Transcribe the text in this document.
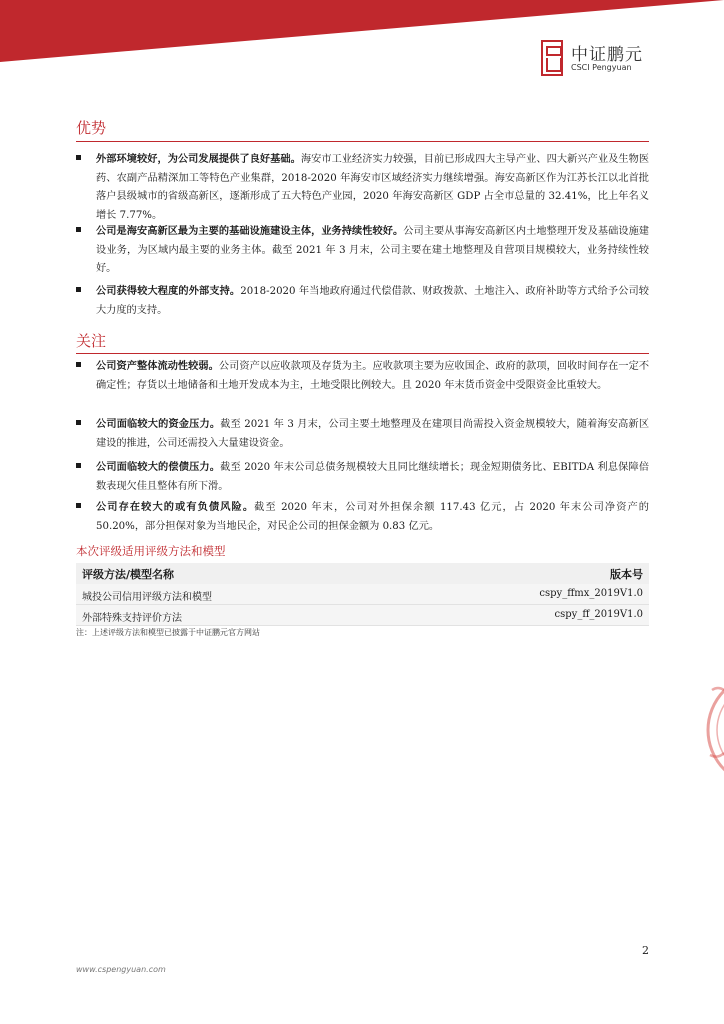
中证鹏元
CSCI Pengyuan
优势
外部环境较好，为公司发展提供了良好基础。海安市工业经济实力较强，目前已形成四大主导产业、四大新兴产业及生物医药、农副产品精深加工等特色产业集群，2018-2020 年海安市区域经济实力继续增强。海安高新区作为江苏长江以北首批落户县级城市的省级高新区，逐渐形成了五大特色产业园，2020 年海安高新区 GDP 占全市总量的 32.41%，比上年名义增长 7.77%。
公司是海安高新区最为主要的基础设施建设主体，业务持续性较好。公司主要从事海安高新区内土地整理开发及基础设施建设业务，为区域内最主要的业务主体。截至 2021 年 3 月末，公司主要在建土地整理及自营项目规模较大，业务持续性较好。
公司获得较大程度的外部支持。2018-2020 年当地政府通过代偿借款、财政拨款、土地注入、政府补助等方式给予公司较大力度的支持。
关注
公司资产整体流动性较弱。公司资产以应收款项及存货为主。应收款项主要为应收国企、政府的款项，回收时间存在一定不确定性；存货以土地储备和土地开发成本为主，土地受限比例较大。且 2020 年末货币资金中受限资金比重较大。
公司面临较大的资金压力。截至 2021 年 3 月末，公司主要土地整理及在建项目尚需投入资金规模较大，随着海安高新区建设的推进，公司还需投入大量建设资金。
公司面临较大的偿债压力。截至 2020 年末公司总债务规模较大且同比继续增长；现金短期债务比、EBITDA 利息保障倍数表现欠佳且整体有所下滑。
公司存在较大的或有负债风险。截至 2020 年末，公司对外担保余额 117.43 亿元，占 2020 年末公司净资产的 50.20%，部分担保对象为当地民企，对民企公司的担保金额为 0.83 亿元。
本次评级适用评级方法和模型
评级方法/模型名称	版本号
城投公司信用评级方法和模型	cspy_ffmx_2019V1.0
外部特殊支持评价方法	cspy_ff_2019V1.0
注：上述评级方法和模型已披露于中证鹏元官方网站
2
www.cspengyuan.com
